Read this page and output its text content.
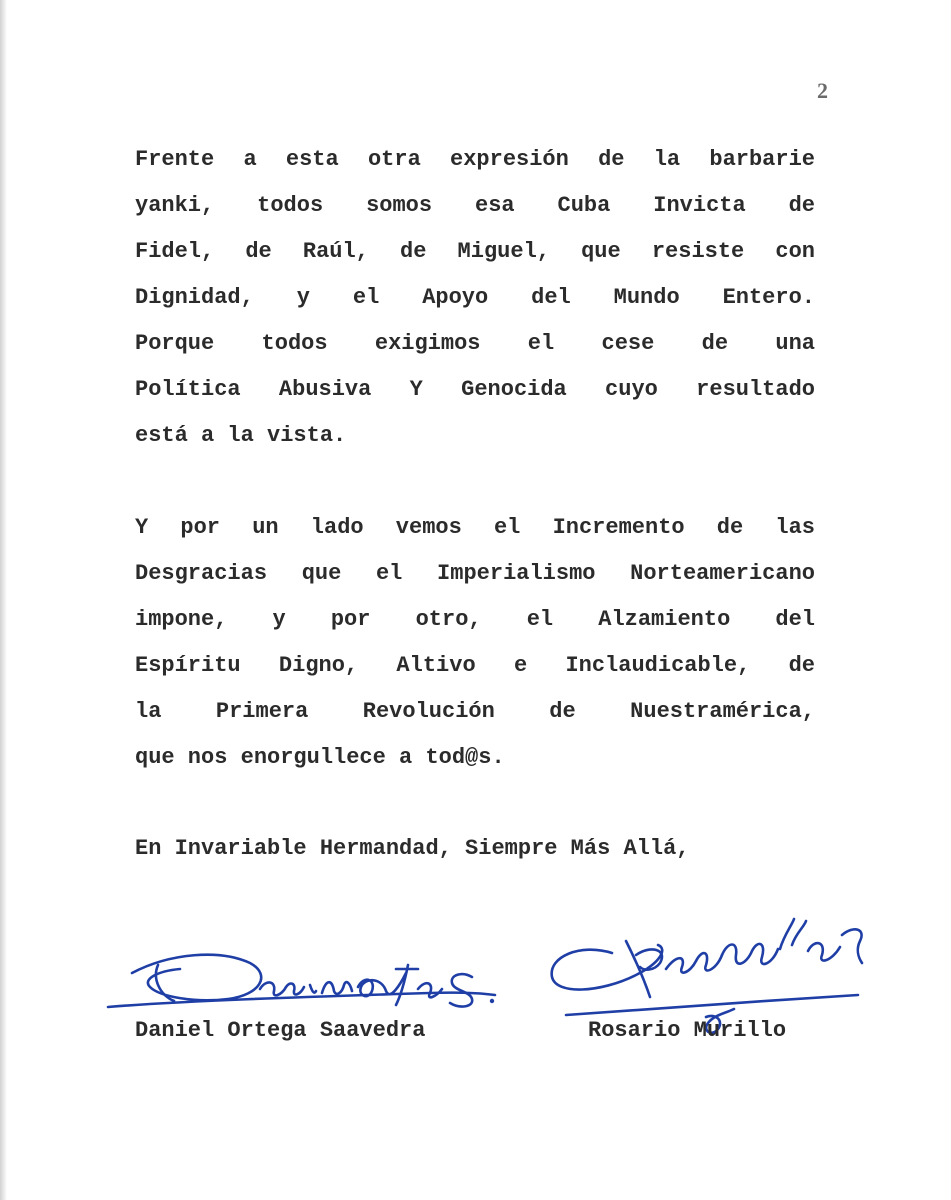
2

Frente a esta otra expresión de la barbarie

yanki, todos somos esa Cuba Invicta de

Fidel, de Raúl, de Miguel, que resiste con

Dignidad, y el Apoyo del Mundo Entero.

Porque todos exigimos el cese de una

Política Abusiva Y Genocida cuyo resultado

está a la vista.

Y por un lado vemos el Incremento de las

Desgracias que el Imperialismo Norteamericano

impone, y por otro, el Alzamiento del

Espíritu Digno, Altivo e Inclaudicable, de

la Primera Revolución de Nuestramérica,

que nos enorgullece a tod@s.

En Invariable Hermandad, Siempre Más Allá,

Daniel Ortega Saavedra	Rosario Murillo
